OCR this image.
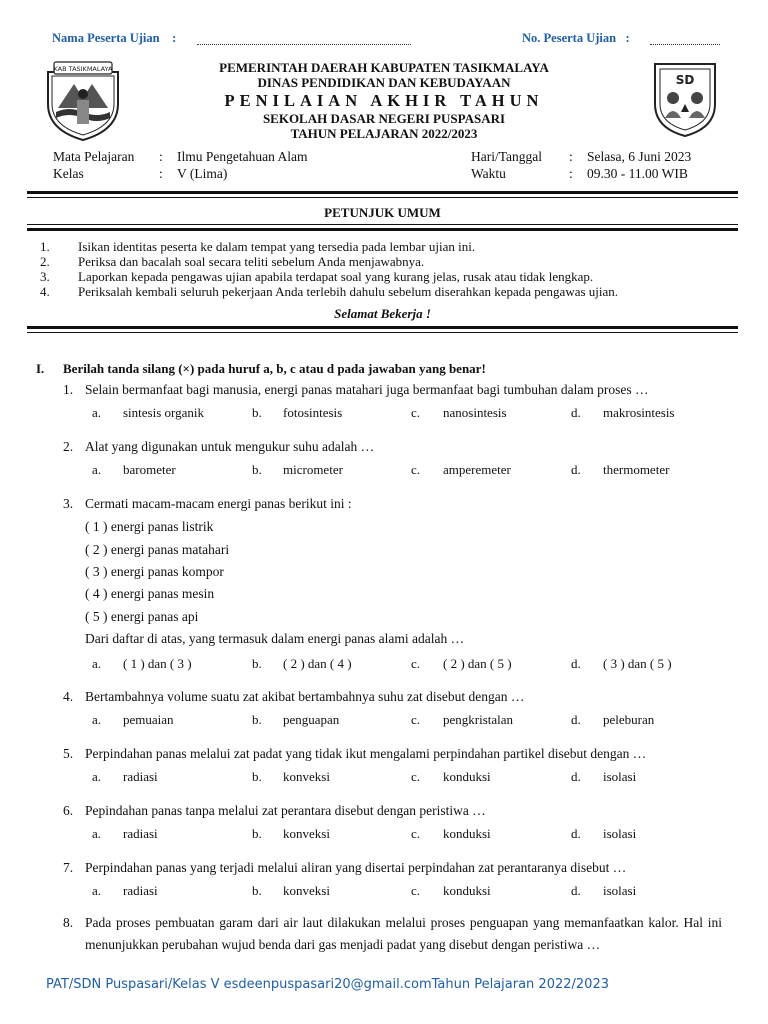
Nama Peserta Ujian :	No. Peserta Ujian :
KAB TASIKMALAYA
SD
PEMERINTAH DAERAH KABUPATEN TASIKMALAYA
DINAS PENDIDIKAN DAN KEBUDAYAAN
PENILAIAN AKHIR TAHUN
SEKOLAH DASAR NEGERI PUSPASARI
TAHUN PELAJARAN 2022/2023
Mata Pelajaran : Ilmu Pengetahuan Alam
Kelas	: V (Lima)
Hari/Tanggal : Selasa, 6 Juni 2023
Waktu	: 09.30 - 11.00 WIB
PETUNJUK UMUM
1.	Isikan identitas peserta ke dalam tempat yang tersedia pada lembar ujian ini.
2.	Periksa dan bacalah soal secara teliti sebelum Anda menjawabnya.
3.	Laporkan kepada pengawas ujian apabila terdapat soal yang kurang jelas, rusak atau tidak lengkap.
4.	Periksalah kembali seluruh pekerjaan Anda terlebih dahulu sebelum diserahkan kepada pengawas ujian.
Selamat Bekerja !
I. Berilah tanda silang (×) pada huruf a, b, c atau d pada jawaban yang benar!
1. Selain bermanfaat bagi manusia, energi panas matahari juga bermanfaat bagi tumbuhan dalam proses …
a. sintesis organik	b. fotosintesis	c. nanosintesis	d. makrosintesis
2. Alat yang digunakan untuk mengukur suhu adalah …
a. barometer	b. micrometer	c. amperemeter	d. thermometer
3. Cermati macam-macam energi panas berikut ini :
( 1 ) energi panas listrik
( 2 ) energi panas matahari
( 3 ) energi panas kompor
( 4 ) energi panas mesin
( 5 ) energi panas api
Dari daftar di atas, yang termasuk dalam energi panas alami adalah …
a. ( 1 ) dan ( 3 )	b. ( 2 ) dan ( 4 )	c. ( 2 ) dan ( 5 )	d. ( 3 ) dan ( 5 )
4. Bertambahnya volume suatu zat akibat bertambahnya suhu zat disebut dengan …
a. pemuaian	b. penguapan	c. pengkristalan	d. peleburan
5. Perpindahan panas melalui zat padat yang tidak ikut mengalami perpindahan partikel disebut dengan …
a. radiasi	b. konveksi	c. konduksi	d. isolasi
6. Pepindahan panas tanpa melalui zat perantara disebut dengan peristiwa …
a. radiasi	b. konveksi	c. konduksi	d. isolasi
7. Perpindahan panas yang terjadi melalui aliran yang disertai perpindahan zat perantaranya disebut …
a. radiasi	b. konveksi	c. konduksi	d. isolasi
8. Pada proses pembuatan garam dari air laut dilakukan melalui proses penguapan yang memanfaatkan kalor. Hal ini menunjukkan perubahan wujud benda dari gas menjadi padat yang disebut dengan peristiwa …
PAT/SDN Puspasari/Kelas V esdeenpuspasari20@gmail.comTahun Pelajaran 2022/2023
